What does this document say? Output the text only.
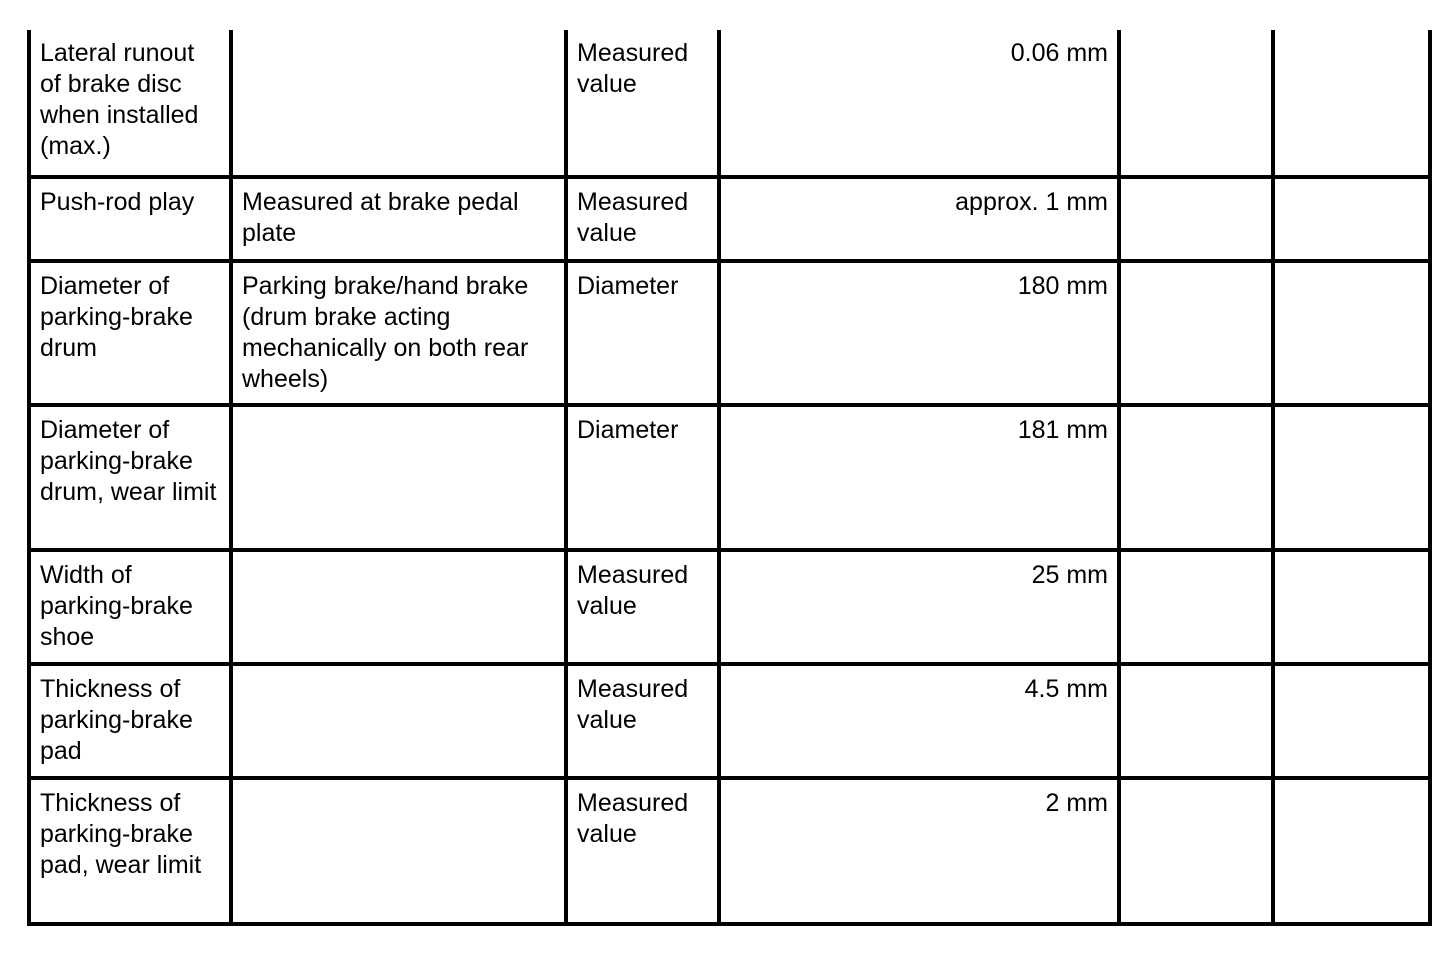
Lateral runout of brake disc when installed (max.)		Measured value	0.06 mm		
Push-rod play	Measured at brake pedal plate	Measured value	approx. 1 mm		
Diameter of parking-brake drum	Parking brake/hand brake (drum brake acting mechanically on both rear wheels)	Diameter	180 mm		
Diameter of parking-brake drum, wear limit		Diameter	181 mm		
Width of parking-brake shoe		Measured value	25 mm		
Thickness of parking-brake pad		Measured value	4.5 mm		
Thickness of parking-brake pad, wear limit		Measured value	2 mm		
